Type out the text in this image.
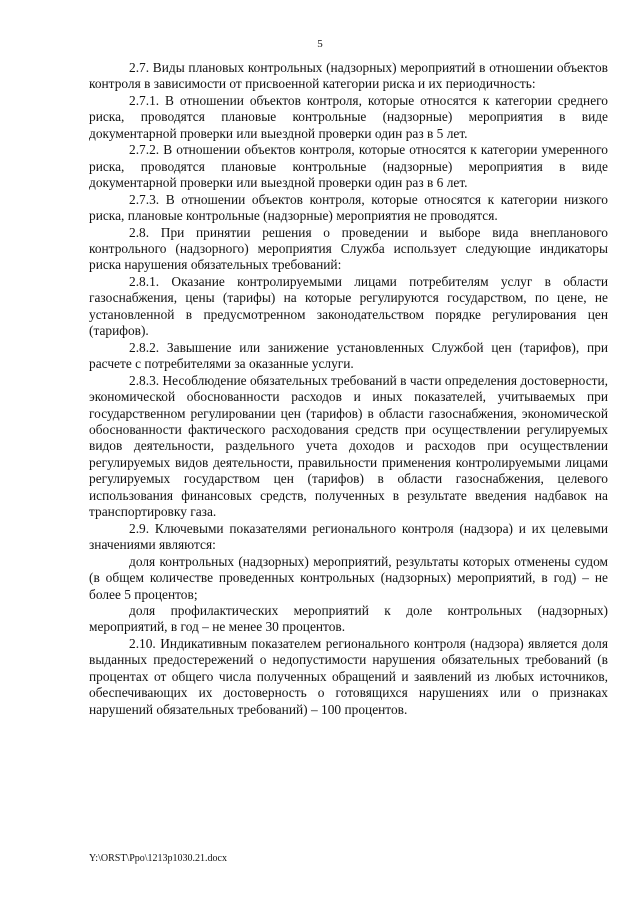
5

2.7. Виды плановых контрольных (надзорных) мероприятий в отношении объектов контроля в зависимости от присвоенной категории риска и их периодичность:

2.7.1. В отношении объектов контроля, которые относятся к категории среднего риска, проводятся плановые контрольные (надзорные) мероприятия в виде документарной проверки или выездной проверки один раз в 5 лет.

2.7.2. В отношении объектов контроля, которые относятся к категории умеренного риска, проводятся плановые контрольные (надзорные) мероприятия в виде документарной проверки или выездной проверки один раз в 6 лет.

2.7.3. В отношении объектов контроля, которые относятся к категории низкого риска, плановые контрольные (надзорные) мероприятия не проводятся.

2.8. При принятии решения о проведении и выборе вида внепланового контрольного (надзорного) мероприятия Служба использует следующие индикаторы риска нарушения обязательных требований:

2.8.1. Оказание контролируемыми лицами потребителям услуг в области газоснабжения, цены (тарифы) на которые регулируются государством, по цене, не установленной в предусмотренном законодательством порядке регулирования цен (тарифов).

2.8.2. Завышение или занижение установленных Службой цен (тарифов), при расчете с потребителями за оказанные услуги.

2.8.3. Несоблюдение обязательных требований в части определения достоверности, экономической обоснованности расходов и иных показателей, учитываемых при государственном регулировании цен (тарифов) в области газоснабжения, экономической обоснованности фактического расходования средств при осуществлении регулируемых видов деятельности, раздельного учета доходов и расходов при осуществлении регулируемых видов деятельности, правильности применения контролируемыми лицами регулируемых государством цен (тарифов) в области газоснабжения, целевого использования финансовых средств, полученных в результате введения надбавок на транспортировку газа.

2.9. Ключевыми показателями регионального контроля (надзора) и их целевыми значениями являются:

доля контрольных (надзорных) мероприятий, результаты которых отменены судом (в общем количестве проведенных контрольных (надзорных) мероприятий, в год) – не более 5 процентов;

доля профилактических мероприятий к доле контрольных (надзорных) мероприятий, в год – не менее 30 процентов.

2.10. Индикативным показателем регионального контроля (надзора) является доля выданных предостережений о недопустимости нарушения обязательных требований (в процентах от общего числа полученных обращений и заявлений из любых источников, обеспечивающих их достоверность о готовящихся нарушениях или о признаках нарушений обязательных требований) – 100 процентов.

Y:\ORST\Ppo\1213p1030.21.docx
